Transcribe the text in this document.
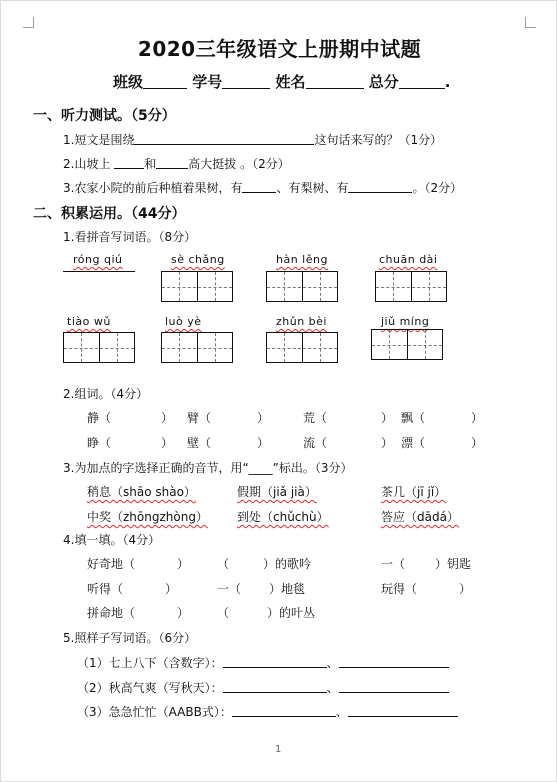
2020三年级语文上册期中试题
班级	学号	姓名	总分	.
一、听力测试。（5分）
1.短文是围绕	这句话来写的？（1分）
2.山坡上	和	高大挺拔 。（2分）
3.农家小院的前后种植着果树，有	、有梨树、有	。（2分）
二、积累运用。（44分）
1.看拼音写词语。（8分）
róng qiú	sè chǎng	hàn lěng	chuān dài
tiào wǔ	luò yè	zhǔn bèi	jiǔ míng
2.组词。（4分）
静（	） 臂（	）	荒（	） 飘（	）
睁（	） 壁（	）	流（	） 漂（	）
3.为加点的字选择正确的音节，用“____”标出。（3分）
稍息（shāo shào）	假期（jiǎ jià）	茶几（jī jǐ）
中奖（zhōngzhòng） 到处（chǔchù）	答应（dādá）
4.填一填。（4分）
好奇地（	） （	）的歌吟	一（ ）钥匙
听得（	）	一（ ）地毯	玩得（	）
拼命地（	） （	）的叶丛
5.照样子写词语。（6分）
（1）七上八下（含数字）：	、
（2）秋高气爽（写秋天）：	、
（3）急急忙忙（AABB式）：	、
1
